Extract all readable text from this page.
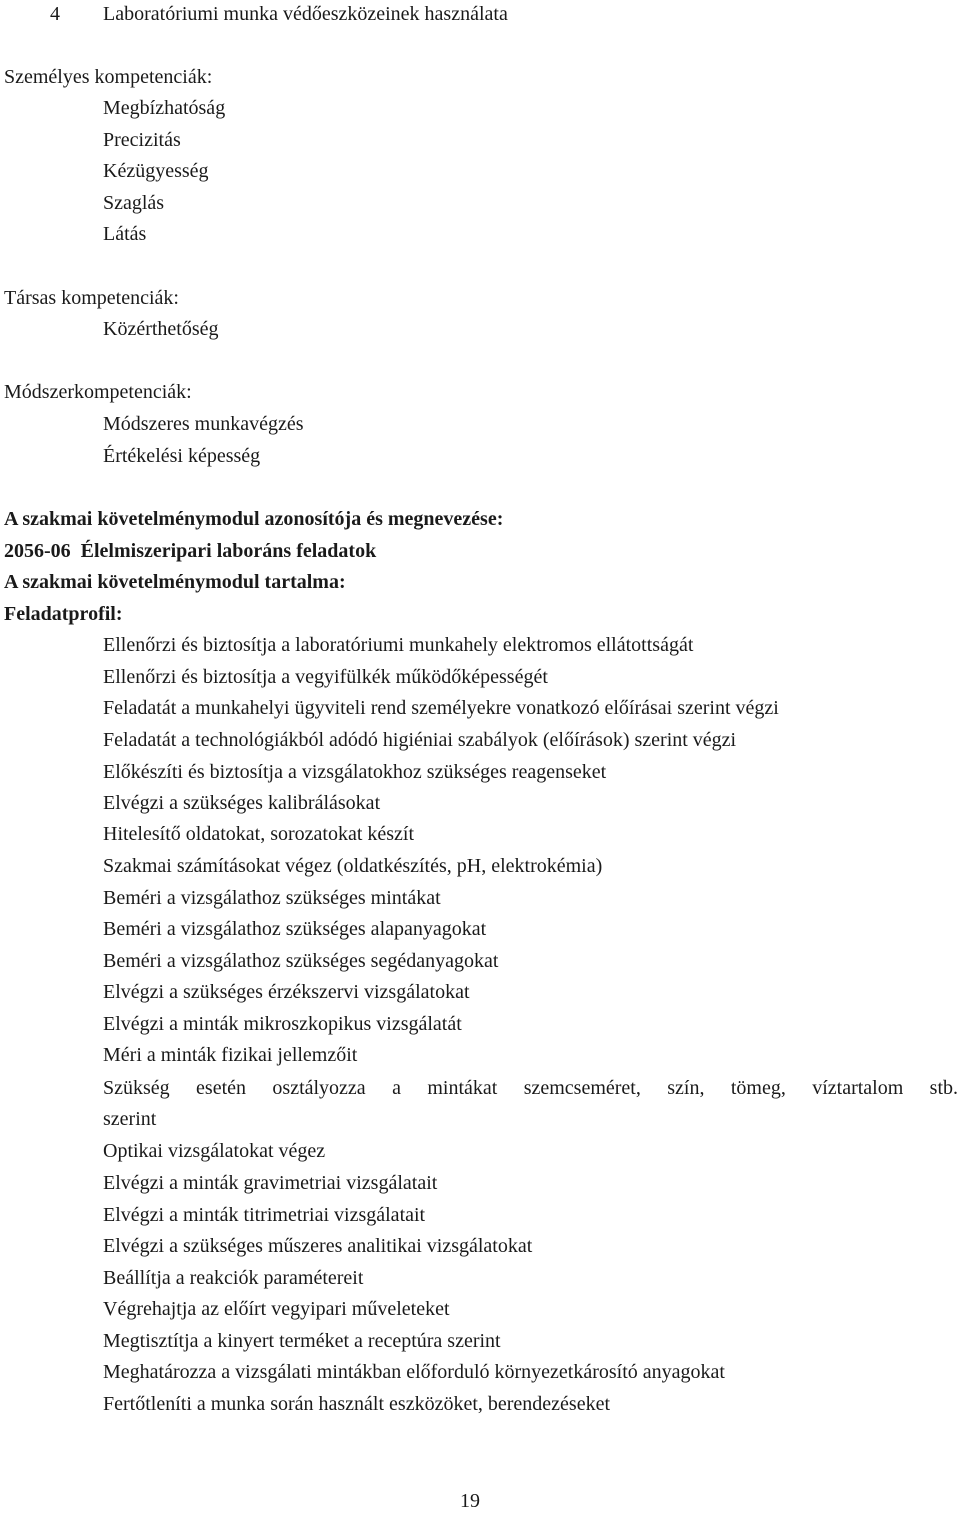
4 Laboratóriumi munka védőeszközeinek használata

Személyes kompetenciák:

Megbízhatóság

Precizitás

Kézügyesség

Szaglás

Látás

Társas kompetenciák:

Közérthetőség

Módszerkompetenciák:

Módszeres munkavégzés

Értékelési képesség

A szakmai követelménymodul azonosítója és megnevezése:

2056-06  Élelmiszeripari laboráns feladatok

A szakmai követelménymodul tartalma:

Feladatprofil:

Ellenőrzi és biztosítja a laboratóriumi munkahely elektromos ellátottságát

Ellenőrzi és biztosítja a vegyifülkék működőképességét

Feladatát a munkahelyi ügyviteli rend személyekre vonatkozó előírásai szerint végzi

Feladatát a technológiákból adódó higiéniai szabályok (előírások) szerint végzi

Előkészíti és biztosítja a vizsgálatokhoz szükséges reagenseket

Elvégzi a szükséges kalibrálásokat

Hitelesítő oldatokat, sorozatokat készít

Szakmai számításokat végez (oldatkészítés, pH, elektrokémia)

Beméri a vizsgálathoz szükséges mintákat

Beméri a vizsgálathoz szükséges alapanyagokat

Beméri a vizsgálathoz szükséges segédanyagokat

Elvégzi a szükséges érzékszervi vizsgálatokat

Elvégzi a minták mikroszkopikus vizsgálatát

Méri a minták fizikai jellemzőit

Szükség esetén osztályozza a mintákat szemcseméret, szín, tömeg, víztartalom stb.

szerint

Optikai vizsgálatokat végez

Elvégzi a minták gravimetriai vizsgálatait

Elvégzi a minták titrimetriai vizsgálatait

Elvégzi a szükséges műszeres analitikai vizsgálatokat

Beállítja a reakciók paramétereit

Végrehajtja az előírt vegyipari műveleteket

Megtisztítja a kinyert terméket a receptúra szerint

Meghatározza a vizsgálati mintákban előforduló környezetkárosító anyagokat

Fertőtleníti a munka során használt eszközöket, berendezéseket

19
